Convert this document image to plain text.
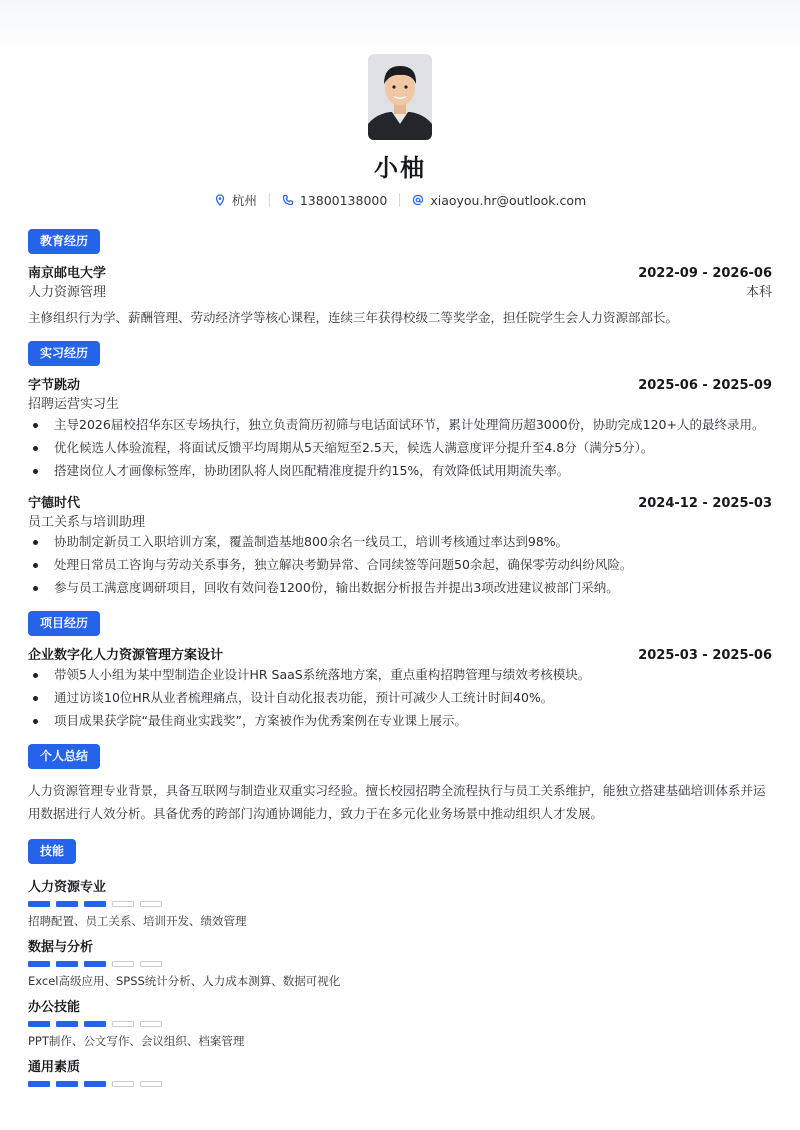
小柚
杭州	13800138000	xiaoyou.hr@outlook.com
教育经历
南京邮电大学	2022-09 - 2026-06
人力资源管理	本科
主修组织行为学、薪酬管理、劳动经济学等核心课程，连续三年获得校级二等奖学金，担任院学生会人力资源部部长。
实习经历
字节跳动	2025-06 - 2025-09
招聘运营实习生
主导2026届校招华东区专场执行，独立负责简历初筛与电话面试环节，累计处理简历超3000份，协助完成120+人的最终录用。
优化候选人体验流程，将面试反馈平均周期从5天缩短至2.5天，候选人满意度评分提升至4.8分（满分5分）。
搭建岗位人才画像标签库，协助团队将人岗匹配精准度提升约15%，有效降低试用期流失率。
宁德时代	2024-12 - 2025-03
员工关系与培训助理
协助制定新员工入职培训方案，覆盖制造基地800余名一线员工，培训考核通过率达到98%。
处理日常员工咨询与劳动关系事务，独立解决考勤异常、合同续签等问题50余起，确保零劳动纠纷风险。
参与员工满意度调研项目，回收有效问卷1200份，输出数据分析报告并提出3项改进建议被部门采纳。
项目经历
企业数字化人力资源管理方案设计	2025-03 - 2025-06
带领5人小组为某中型制造企业设计HR SaaS系统落地方案，重点重构招聘管理与绩效考核模块。
通过访谈10位HR从业者梳理痛点，设计自动化报表功能，预计可减少人工统计时间40%。
项目成果获学院“最佳商业实践奖”，方案被作为优秀案例在专业课上展示。
个人总结
人力资源管理专业背景，具备互联网与制造业双重实习经验。擅长校园招聘全流程执行与员工关系维护，能独立搭建基础培训体系并运用数据进行人效分析。具备优秀的跨部门沟通协调能力，致力于在多元化业务场景中推动组织人才发展。
技能
人力资源专业
招聘配置、员工关系、培训开发、绩效管理
数据与分析
Excel高级应用、SPSS统计分析、人力成本测算、数据可视化
办公技能
PPT制作、公文写作、会议组织、档案管理
通用素质
